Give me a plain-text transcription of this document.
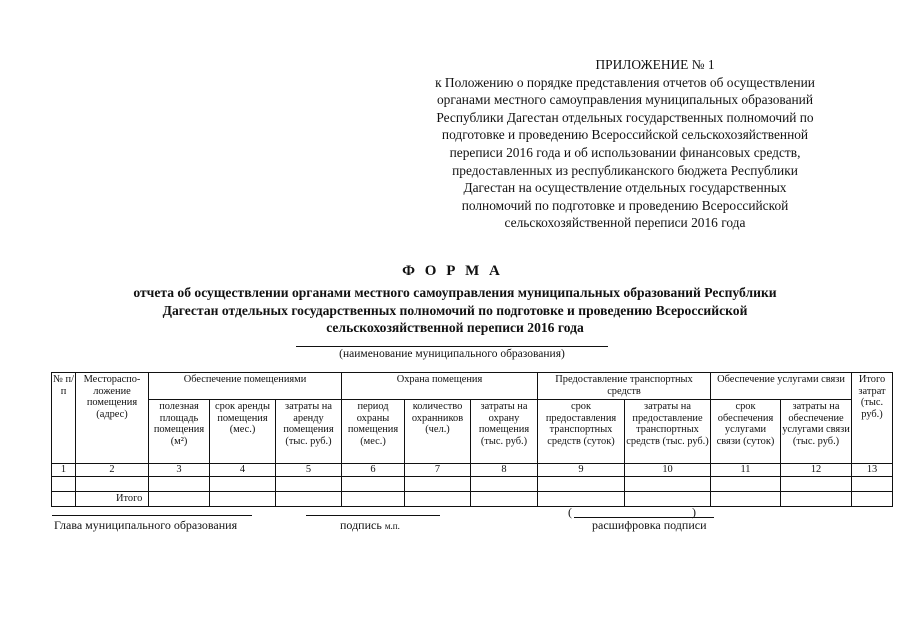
ПРИЛОЖЕНИЕ № 1
к Положению о порядке представления отчетов об осуществлении
органами местного самоуправления муниципальных образований
Республики Дагестан отдельных государственных полномочий по
подготовке и проведению Всероссийской сельскохозяйственной
переписи 2016 года и об использовании финансовых средств,
предоставленных из республиканского бюджета Республики
Дагестан на осуществление отдельных государственных
полномочий по подготовке и проведению Всероссийской
сельскохозяйственной переписи 2016 года
Ф О Р М А
отчета об осуществлении органами местного самоуправления муниципальных образований Республики
Дагестан отдельных государственных полномочий по подготовке и проведению Всероссийской
сельскохозяйственной переписи 2016 года
(наименование муниципального образования)
№ п/п	Местораспо-ложение помещения (адрес)	Обеспечение помещениями			Охрана помещения			Предоставление транспортных средств		Обеспечение услугами связи		Итого затрат (тыс. руб.)
		полезная площадь помещения (м²)	срок аренды помещения (мес.)	затраты на аренду помещения (тыс. руб.)	период охраны помещения (мес.)	количество охранников (чел.)	затраты на охрану помещения (тыс. руб.)	срок предоставления транспортных средств (суток)	затраты на предоставление транспортных средств (тыс. руб.)	срок обеспечения услугами связи (суток)	затраты на обеспечение услугами связи (тыс. руб.)	
1	2	3	4	5	6	7	8	9	10	11	12	13

	Итого											
Глава муниципального образования	подпись м.п.
(                                        )
расшифровка подписи
